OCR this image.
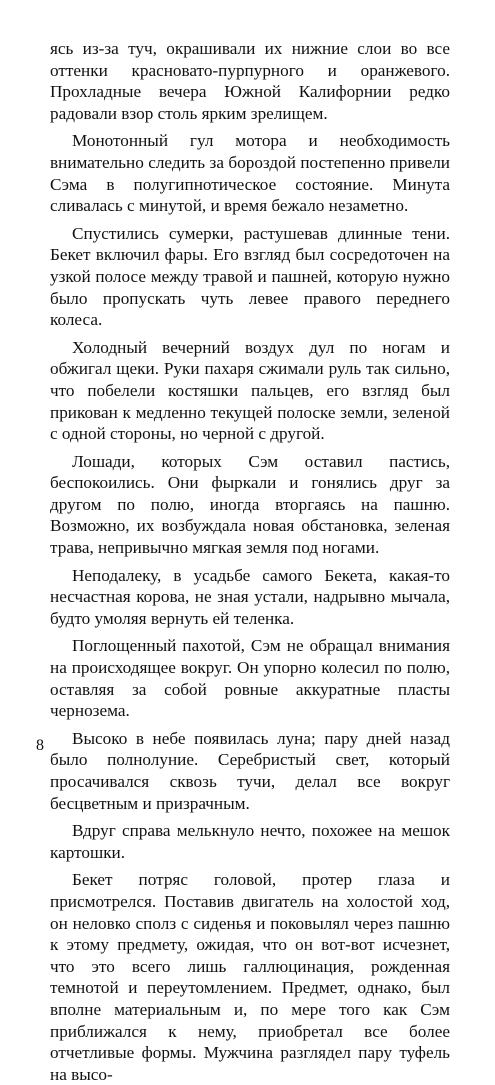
ясь из-за туч, окрашивали их нижние слои во все оттенки красновато-пурпурного и оранжевого. Прохладные вечера Южной Калифорнии редко радовали взор столь ярким зрелищем.

Монотонный гул мотора и необходимость внимательно следить за бороздой постепенно привели Сэма в полугипнотическое состояние. Минута сливалась с минутой, и время бежало незаметно.

Спустились сумерки, растушевав длинные тени. Бекет включил фары. Его взгляд был сосредоточен на узкой полосе между травой и пашней, которую нужно было пропускать чуть левее правого переднего колеса.

Холодный вечерний воздух дул по ногам и обжигал щеки. Руки пахаря сжимали руль так сильно, что побелели костяшки пальцев, его взгляд был прикован к медленно текущей полоске земли, зеленой с одной стороны, но черной с другой.

Лошади, которых Сэм оставил пастись, беспокоились. Они фыркали и гонялись друг за другом по полю, иногда вторгаясь на пашню. Возможно, их возбуждала новая обстановка, зеленая трава, непривычно мягкая земля под ногами.

Неподалеку, в усадьбе самого Бекета, какая-то несчастная корова, не зная устали, надрывно мычала, будто умоляя вернуть ей теленка.

Поглощенный пахотой, Сэм не обращал внимания на происходящее вокруг. Он упорно колесил по полю, оставляя за собой ровные аккуратные пласты чернозема.

Высоко в небе появилась луна; пару дней назад было полнолуние. Серебристый свет, который просачивался сквозь тучи, делал все вокруг бесцветным и призрачным.

Вдруг справа мелькнуло нечто, похожее на мешок картошки.

Бекет потряс головой, протер глаза и присмотрелся. Поставив двигатель на холостой ход, он неловко сполз с сиденья и поковылял через пашню к этому предмету, ожидая, что он вот-вот исчезнет, что это всего лишь галлюцинация, рожденная темнотой и переутомлением. Предмет, однако, был вполне материальным и, по мере того как Сэм приближался к нему, приобретал все более отчетливые формы. Мужчина разглядел пару туфель на высо-

8
